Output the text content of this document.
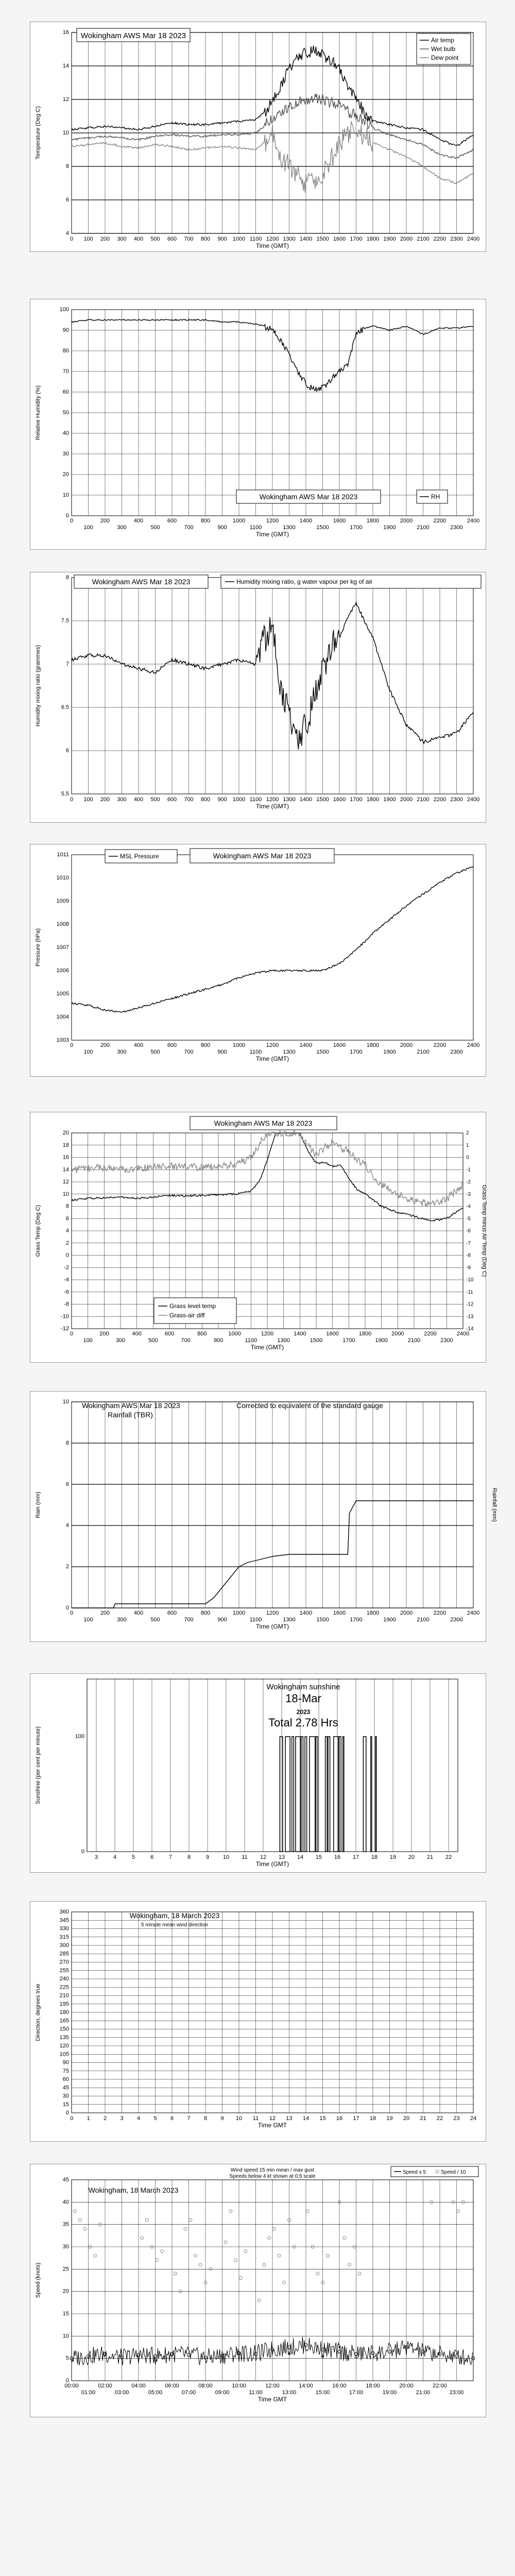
4
6
8
10
12
14
16
0 100 200 300 400 500 600 700 800 900 1000 1100 1200 1300 1400 1500 1600 1700 1800 1900 2000 2100 2200 2300 2400
Time (GMT)
Temperature (Deg C)
Wokingham AWS Mar 18 2023	Air temp
Wet bulb
Dew point
0
10
20
30
40
50
60
70
80
90
100
0	200	400	600	800	1000	1200	1400	1600	1800	2000	2200	2400
100	300	500	700	900	1100	1300	1500	1700	1900	2100	2300
Time (GMT)
Relative Humidity (%)
Wokingham AWS Mar 18 2023	RH
5.5
6
6.5
7
7.5
8
0 100 200 300 400 500 600 700 800 900 1000 1100 1200 1300 1400 1500 1600 1700 1800 1900 2000 2100 2200 2300 2400
Time (GMT)
Humidity mixing ratio (grammes)
Wokingham AWS Mar 18 2023	Humidity mixing ratio, g water vapour per kg of air
1003
1004
1005
1006
1007
1008
1009
1010
1011
0	200	400	600	800	1000	1200	1400	1600	1800	2000	2200	2400
100	300	500	700	900	1100	1300	1500	1700	1900	2100	2300
Time (GMT)
Pressure (hPa)
MSL Pressure	Wokingham AWS Mar 18 2023
-12
-10
-8
-6
-4
-2
0
2
4
6
8
10
12
14
16
18
20
-14
-13
-12
-11
-10
-9
-8
-7
-6
-5
-4
-3
-2
-1
0
1
2
0	200	400	600	800	1000	1200	1400	1600	1800	2000	2200	2400
100	300	500	700	900	1100	1300	1500	1700	1900	2100	2300
Time (GMT)
Grass Temp (Deg C)	Grass Temp minus Air Temp (Deg C)
Wokingham AWS Mar 18 2023
Grass level temp
Grass-air diff
0
2
4
6
8
10
0	200	400	600	800	1000	1200	1400	1600	1800	2000	2200	2400
100	300	500	700	900	1100	1300	1500	1700	1900	2100	2300
Time (GMT)
Rain (mm)	Rainfall (mm)
Wokingham AWS Mar 18 2023
Rainfall (TBR)
Corrected to equivalent of the standard gauge
0
100
3	4	5	6	7	8	9 10 11 12 13 14 15 16 17 18 19 20 21 22
Time (GMT)
Sunshine (per cent per minute)
Wokingham sunshine
18-Mar
2023
Total 2.78 Hrs
0
15
30
45
60
75
90
105
120
135
150
165
180
195
210
225
240
255
270
285
300
315
330
345
360
0 1 2 3 4 5 6 7 8 9 10 11 12 13 14 15 16 17 18 19 20 21 22 23 24
Time GMT
Direction, degrees true
Wokingham, 18 March 2023
5 minute mean wind direction
0
5
10
15
20
25
30
35
40
45
00:00	02:00	04:00	06:00	08:00	10:00	12:00	14:00	16:00	18:00	20:00	22:00
01:00	03:00	05:00	07:00	09:00	11:00	13:00	15:00	17:00	19:00	21:00	23:00
Time GMT
Speed (knots)
Wokingham, 18 March 2023
Wind speed 15 min mean / max gust
Speeds below 4 kt shown at 0.5 scale
Speed x 5	Speed / 10
